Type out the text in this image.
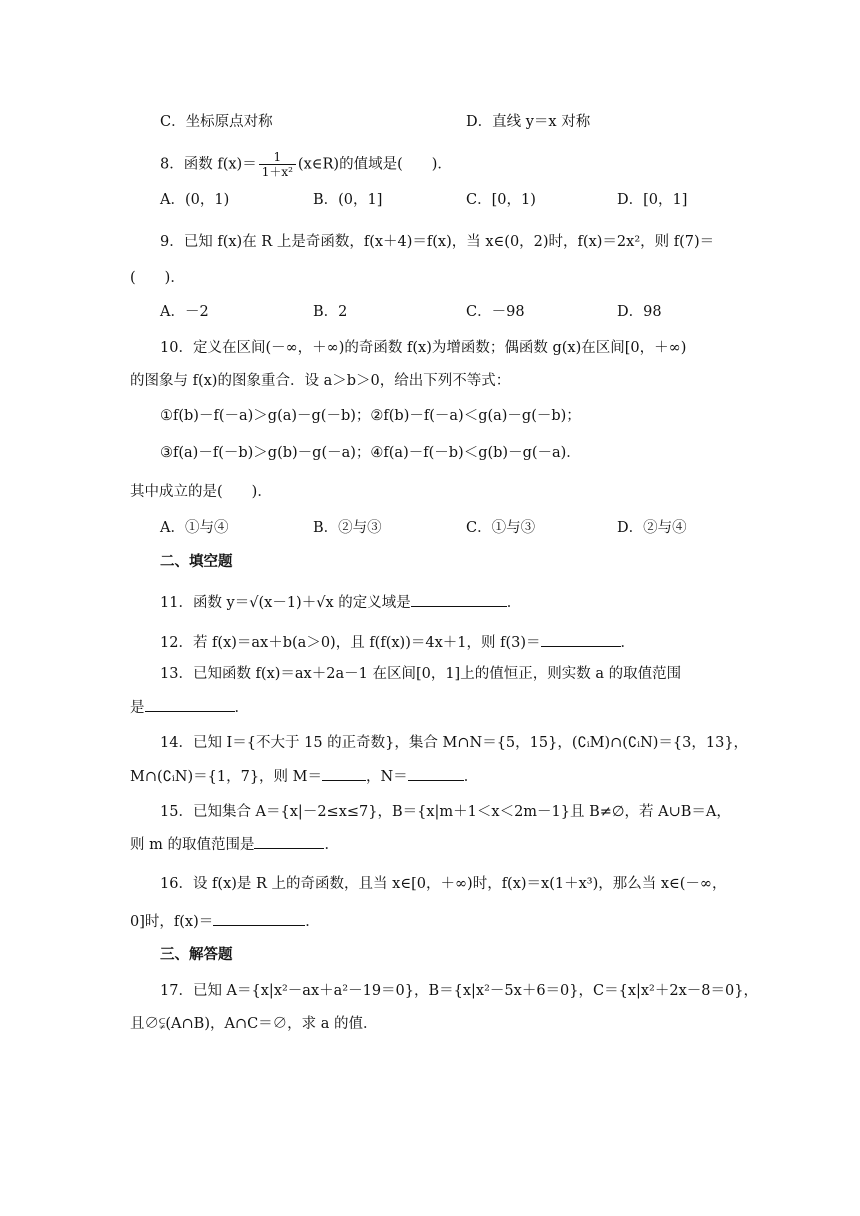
C．坐标原点对称	D．直线 y＝x 对称
8．函数 $f(x)= \frac{1}{\text{1＋x²}}$ (x∈R)的值域是(　　)．
A．(0，1)	B．(0，1]	C．[0，1)	D．[0，1]
9．已知 f(x)在 R 上是奇函数，f(x＋4)＝f(x)，当 x∈(0，2)时，f(x)＝2x²，则 f(7)＝
(　　)．
A．－2	B．2	C．－98	D．98
10．定义在区间(－∞，＋∞)的奇函数 f(x)为增函数；偶函数 g(x)在区间[0，＋∞)
的图象与 f(x)的图象重合．设 a＞b＞0，给出下列不等式：
①f(b)－f(－a)＞g(a)－g(－b)；②f(b)－f(－a)＜g(a)－g(－b)；
③f(a)－f(－b)＞g(b)－g(－a)；④f(a)－f(－b)＜g(b)－g(－a)．
其中成立的是(　　)．
A．①与④	B．②与③	C．①与③	D．②与④
二、填空题
11．函数 y＝√(x－1)＋√x 的定义域是	．
12．若 f(x)＝ax＋b(a＞0)，且 f(f(x))＝4x＋1，则 f(3)＝	．
13．已知函数 f(x)＝ax＋2a－1 在区间[0，1]上的值恒正，则实数 a 的取值范围
是	．
14．已知 I＝{不大于 15 的正奇数}，集合 M∩N＝{5，15}，(∁ᵢM)∩(∁ᵢN)＝{3，13}，
M∩(∁ᵢN)＝{1，7}，则 M＝	，N＝	．
15．已知集合 A＝{x|－2≤x≤7}，B＝{x|m＋1＜x＜2m－1}且 B≠∅，若 A∪B＝A，
则 m 的取值范围是	．
16．设 f(x)是 R 上的奇函数，且当 x∈[0，＋∞)时，f(x)＝x(1＋x³)，那么当 x∈(－∞，
0]时，f(x)＝	．
三、解答题
17．已知 A＝{x|x²－ax＋a²－19＝0}，B＝{x|x²－5x＋6＝0}，C＝{x|x²＋2x－8＝0}，
且∅⫋(A∩B)，A∩C＝∅，求 a 的值．
